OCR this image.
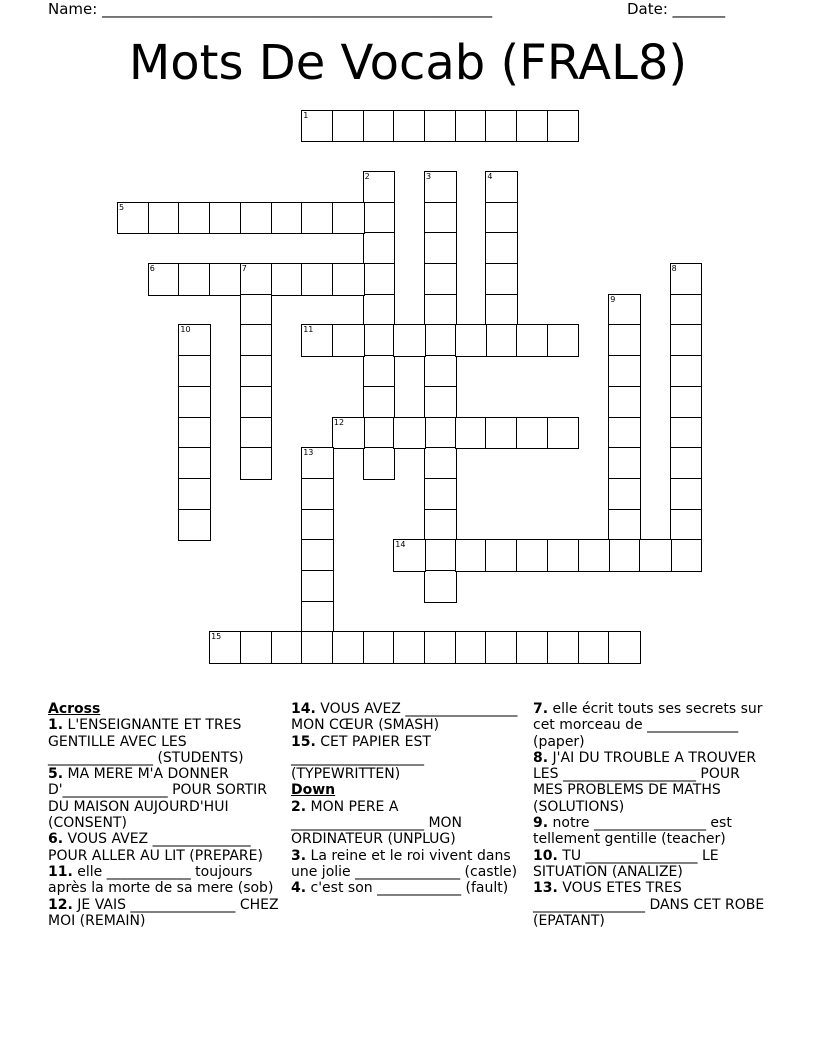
Name: ____________________________________________________	Date: _______
Mots De Vocab (FRAL8)
1
2	3	4
5
6	7	8
9
10	11
12
13
14
15
Across
1. L'ENSEIGNANTE ET TRES GENTILLE AVEC LES _______________ (STUDENTS)
5. MA MERE M'A DONNER D'_______________ POUR SORTIR DU MAISON AUJOURD'HUI (CONSENT)
6. VOUS AVEZ ______________ POUR ALLER AU LIT (PREPARE)
11. elle ____________ toujours après la morte de sa mere (sob)
12. JE VAIS _______________ CHEZ MOI (REMAIN)
14. VOUS AVEZ ________________ MON CŒUR (SMASH)
15. CET PAPIER EST ___________________ (TYPEWRITTEN)
Down
2. MON PERE A ___________________ MON ORDINATEUR (UNPLUG)
3. La reine et le roi vivent dans une jolie _______________ (castle)
4. c'est son ____________ (fault)
7. elle écrit touts ses secrets sur cet morceau de _____________ (paper)
8. J'AI DU TROUBLE A TROUVER LES ___________________ POUR MES PROBLEMS DE MATHS (SOLUTIONS)
9. notre ________________ est tellement gentille (teacher)
10. TU ________________ LE SITUATION (ANALIZE)
13. VOUS ETES TRES ________________ DANS CET ROBE (EPATANT)
